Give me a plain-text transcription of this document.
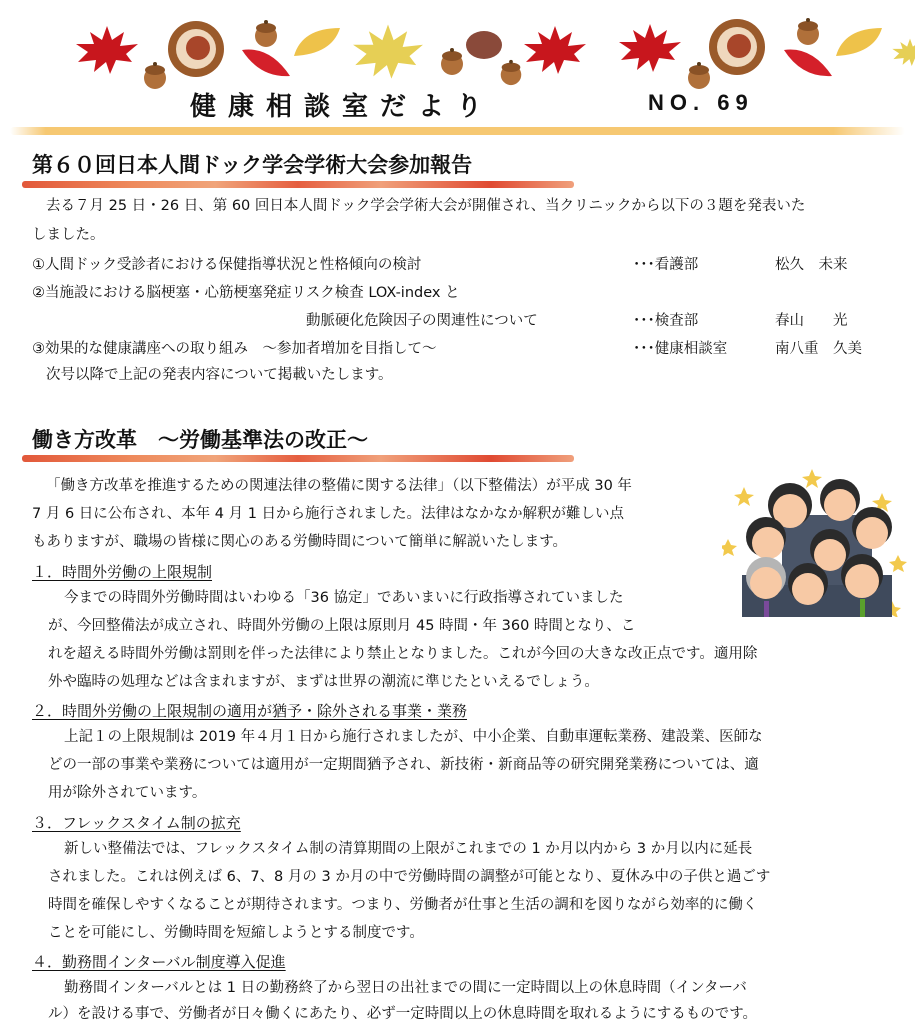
健康相談室だより	NO. 69
第６０回日本人間ドック学会学術大会参加報告
去る７月 25 日・26 日、第 60 回日本人間ドック学会学術大会が開催され、当クリニックから以下の３題を発表いた
しました。
①人間ドック受診者における保健指導状況と性格傾向の検討	･･･看護部	松久　未来
②当施設における脳梗塞・心筋梗塞発症リスク検査 LOX-index と
動脈硬化危険因子の関連性について	･･･検査部	春山　　光
③効果的な健康講座への取り組み　～参加者増加を目指して～	･･･健康相談室	南八重　久美
次号以降で上記の発表内容について掲載いたします。
働き方改革　～労働基準法の改正～
「働き方改革を推進するための関連法律の整備に関する法律」（以下整備法）が平成 30 年
7 月 6 日に公布され、本年 4 月 1 日から施行されました。法律はなかなか解釈が難しい点
もありますが、職場の皆様に関心のある労働時間について簡単に解説いたします。
１．時間外労働の上限規制
今までの時間外労働時間はいわゆる「36 協定」であいまいに行政指導されていました
が、今回整備法が成立され、時間外労働の上限は原則月 45 時間・年 360 時間となり、こ
れを超える時間外労働は罰則を伴った法律により禁止となりました。これが今回の大きな改正点です。適用除
外や臨時の処理などは含まれますが、まずは世界の潮流に準じたといえるでしょう。
２．時間外労働の上限規制の適用が猶予・除外される事業・業務
上記１の上限規制は 2019 年４月１日から施行されましたが、中小企業、自動車運転業務、建設業、医師な
どの一部の事業や業務については適用が一定期間猶予され、新技術・新商品等の研究開発業務については、適
用が除外されています。
３．フレックスタイム制の拡充
新しい整備法では、フレックスタイム制の清算期間の上限がこれまでの 1 か月以内から 3 か月以内に延長
されました。これは例えば 6、7、8 月の 3 か月の中で労働時間の調整が可能となり、夏休み中の子供と過ごす
時間を確保しやすくなることが期待されます。つまり、労働者が仕事と生活の調和を図りながら効率的に働く
ことを可能にし、労働時間を短縮しようとする制度です。
４．勤務間インターバル制度導入促進
勤務間インターバルとは 1 日の勤務終了から翌日の出社までの間に一定時間以上の休息時間（インターバ
ル）を設ける事で、労働者が日々働くにあたり、必ず一定時間以上の休息時間を取れるようにするものです。
